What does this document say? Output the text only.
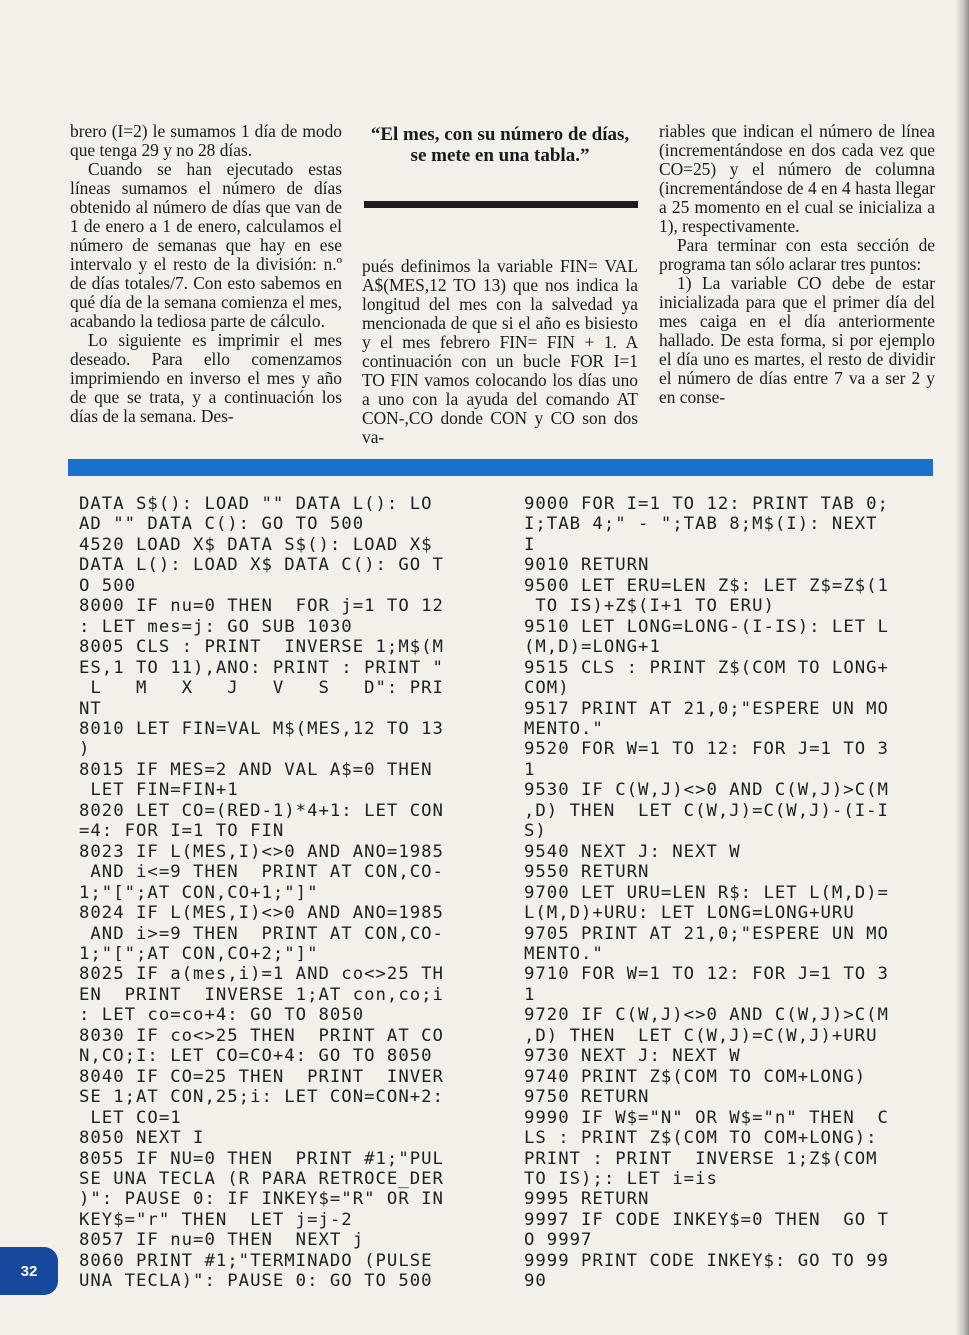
brero (I=2) le sumamos 1 día de modo que tenga 29 y no 28 días.

Cuando se han ejecutado estas líneas sumamos el número de días obtenido al número de días que van de 1 de enero a 1 de enero, calculamos el número de semanas que hay en ese intervalo y el resto de la división: n.º de días totales/7. Con esto sabemos en qué día de la semana comienza el mes, acabando la tediosa parte de cálculo.

Lo siguiente es imprimir el mes deseado. Para ello comenzamos imprimiendo en inverso el mes y año de que se trata, y a continuación los días de la semana. Des-

“El mes, con su número de días, se mete en una tabla.”

pués definimos la variable FIN= VAL A$(MES,12 TO 13) que nos indica la longitud del mes con la salvedad ya mencionada de que si el año es bisiesto y el mes febrero FIN= FIN + 1. A continuación con un bucle FOR I=1 TO FIN vamos colocando los días uno a uno con la ayuda del comando AT CON-,CO donde CON y CO son dos va-

riables que indican el número de línea (incrementándose en dos cada vez que CO=25) y el número de columna (incrementándose de 4 en 4 hasta llegar a 25 momento en el cual se inicializa a 1), respectivamente.

Para terminar con esta sección de programa tan sólo aclarar tres puntos:

1) La variable CO debe de estar inicializada para que el primer día del mes caiga en el día anteriormente hallado. De esta forma, si por ejemplo el día uno es martes, el resto de dividir el número de días entre 7 va a ser 2 y en conse-

DATA S$(): LOAD "" DATA L(): LO
AD "" DATA C(): GO TO 500
4520 LOAD X$ DATA S$(): LOAD X$
DATA L(): LOAD X$ DATA C(): GO T
O 500
8000 IF nu=0 THEN  FOR j=1 TO 12
: LET mes=j: GO SUB 1030
8005 CLS : PRINT  INVERSE 1;M$(M
ES,1 TO 11),ANO: PRINT : PRINT "
L   M   X   J   V   S   D": PRI
NT
8010 LET FIN=VAL M$(MES,12 TO 13
)
8015 IF MES=2 AND VAL A$=0 THEN
LET FIN=FIN+1
8020 LET CO=(RED-1)*4+1: LET CON
=4: FOR I=1 TO FIN
8023 IF L(MES,I)<>0 AND ANO=1985
AND i<=9 THEN  PRINT AT CON,CO-
1;"[";AT CON,CO+1;"]"
8024 IF L(MES,I)<>0 AND ANO=1985
AND i>=9 THEN  PRINT AT CON,CO-
1;"[";AT CON,CO+2;"]"
8025 IF a(mes,i)=1 AND co<>25 TH
EN  PRINT  INVERSE 1;AT con,co;i
: LET co=co+4: GO TO 8050
8030 IF co<>25 THEN  PRINT AT CO
N,CO;I: LET CO=CO+4: GO TO 8050
8040 IF CO=25 THEN  PRINT  INVER
SE 1;AT CON,25;i: LET CON=CON+2:
LET CO=1
8050 NEXT I
8055 IF NU=0 THEN  PRINT #1;"PUL
SE UNA TECLA (R PARA RETROCE_DER
)": PAUSE 0: IF INKEY$="R" OR IN
KEY$="r" THEN  LET j=j-2
8057 IF nu=0 THEN  NEXT j
8060 PRINT #1;"TERMINADO (PULSE
UNA TECLA)": PAUSE 0: GO TO 500
9000 FOR I=1 TO 12: PRINT TAB 0;
I;TAB 4;" - ";TAB 8;M$(I): NEXT
I
9010 RETURN
9500 LET ERU=LEN Z$: LET Z$=Z$(1
TO IS)+Z$(I+1 TO ERU)
9510 LET LONG=LONG-(I-IS): LET L
(M,D)=LONG+1
9515 CLS : PRINT Z$(COM TO LONG+
COM)
9517 PRINT AT 21,0;"ESPERE UN MO
MENTO."
9520 FOR W=1 TO 12: FOR J=1 TO 3
1
9530 IF C(W,J)<>0 AND C(W,J)>C(M
,D) THEN  LET C(W,J)=C(W,J)-(I-I
S)
9540 NEXT J: NEXT W
9550 RETURN
9700 LET URU=LEN R$: LET L(M,D)=
L(M,D)+URU: LET LONG=LONG+URU
9705 PRINT AT 21,0;"ESPERE UN MO
MENTO."
9710 FOR W=1 TO 12: FOR J=1 TO 3
1
9720 IF C(W,J)<>0 AND C(W,J)>C(M
,D) THEN  LET C(W,J)=C(W,J)+URU
9730 NEXT J: NEXT W
9740 PRINT Z$(COM TO COM+LONG)
9750 RETURN
9990 IF W$="N" OR W$="n" THEN  C
LS : PRINT Z$(COM TO COM+LONG):
PRINT : PRINT  INVERSE 1;Z$(COM
TO IS);: LET i=is
9995 RETURN
9997 IF CODE INKEY$=0 THEN  GO T
O 9997
9999 PRINT CODE INKEY$: GO TO 99
90
32
